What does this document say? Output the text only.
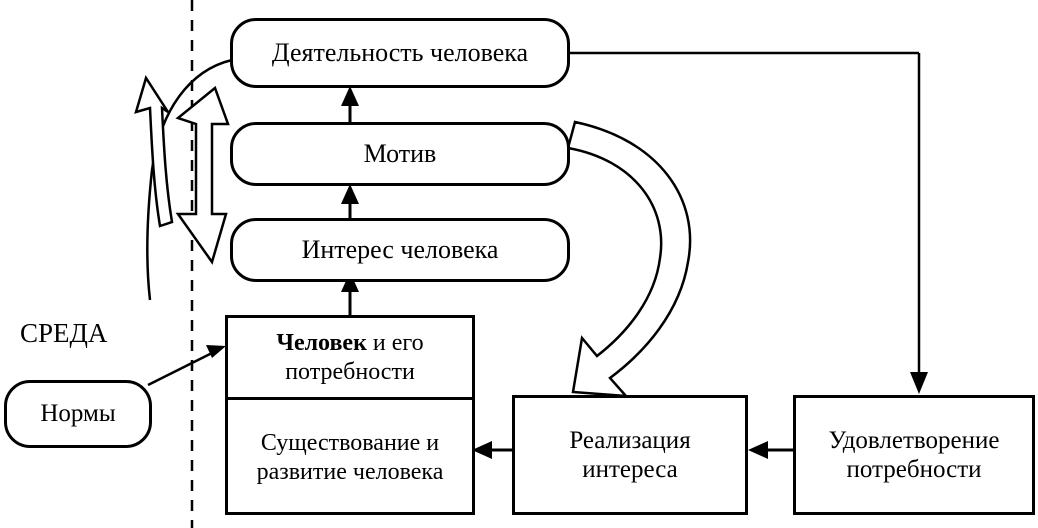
СРЕДА
Нормы
Деятельность человека
Мотив
Интерес человека
Человек и его
потребности
Существование и развитие человека
Реализация интереса
Удовлетворение потребности
